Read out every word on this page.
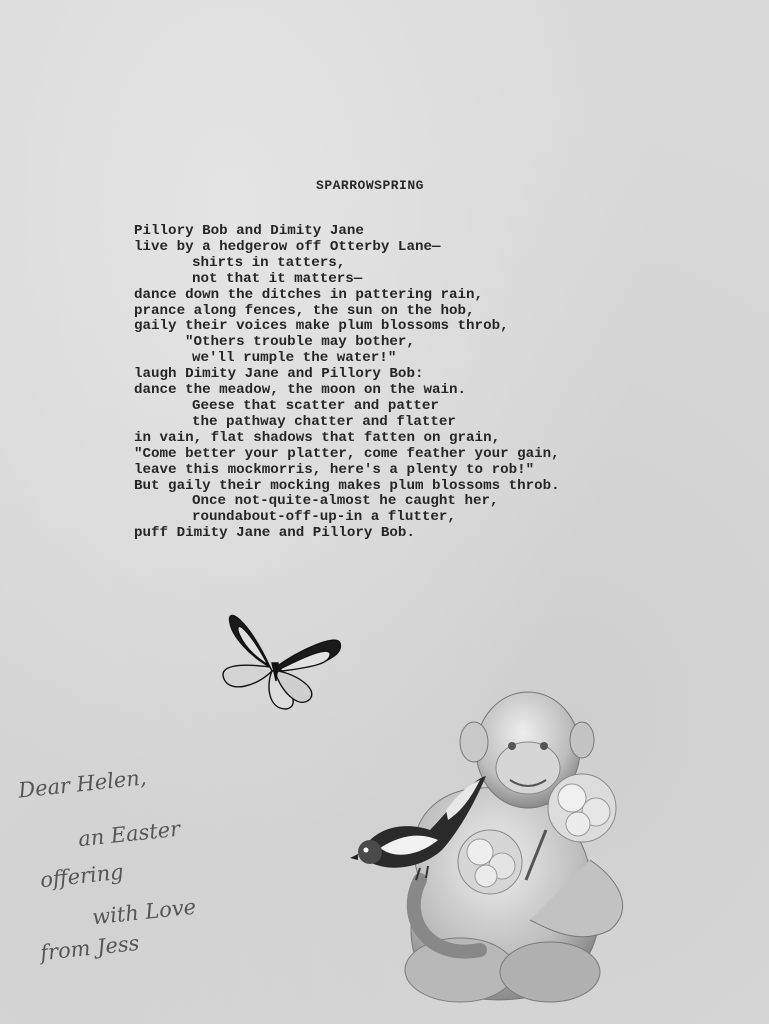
SPARROWSPRING
Pillory Bob and Dimity Jane
live by a hedgerow off Otterby Lane—
shirts in tatters,
not that it matters—
dance down the ditches in pattering rain,
prance along fences, the sun on the hob,
gaily their voices make plum blossoms throb,
"Others trouble may bother,
we'll rumple the water!"
laugh Dimity Jane and Pillory Bob:
dance the meadow, the moon on the wain.
Geese that scatter and patter
the pathway chatter and flatter
in vain, flat shadows that fatten on grain,
"Come better your platter, come feather your gain,
leave this mockmorris, here's a plenty to rob!"
But gaily their mocking makes plum blossoms throb.
Once not-quite-almost he caught her,
roundabout-off-up-in a flutter,
puff Dimity Jane and Pillory Bob.
Dear Helen,
an Easter
offering
with Love
from Jess
